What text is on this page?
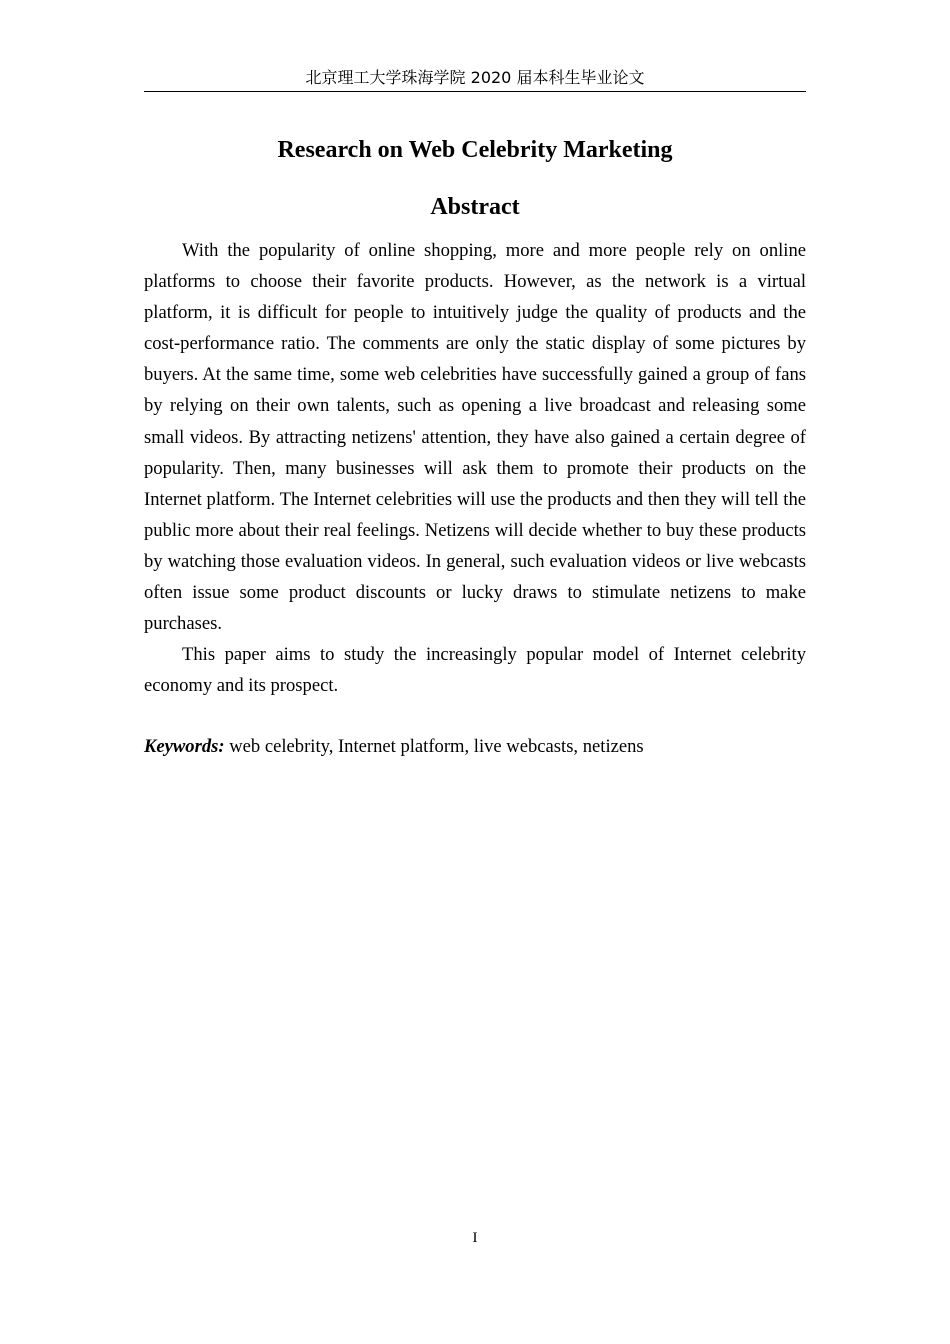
北京理工大学珠海学院 2020 届本科生毕业论文
Research on Web Celebrity Marketing
Abstract

With the popularity of online shopping, more and more people rely on online platforms to choose their favorite products. However, as the network is a virtual platform, it is difficult for people to intuitively judge the quality of products and the cost-performance ratio. The comments are only the static display of some pictures by buyers. At the same time, some web celebrities have successfully gained a group of fans by relying on their own talents, such as opening a live broadcast and releasing some small videos. By attracting netizens' attention, they have also gained a certain degree of popularity. Then, many businesses will ask them to promote their products on the Internet platform. The Internet celebrities will use the products and then they will tell the public more about their real feelings. Netizens will decide whether to buy these products by watching those evaluation videos. In general, such evaluation videos or live webcasts often issue some product discounts or lucky draws to stimulate netizens to make purchases.

This paper aims to study the increasingly popular model of Internet celebrity economy and its prospect.

Keywords: web celebrity, Internet platform, live webcasts, netizens
I
